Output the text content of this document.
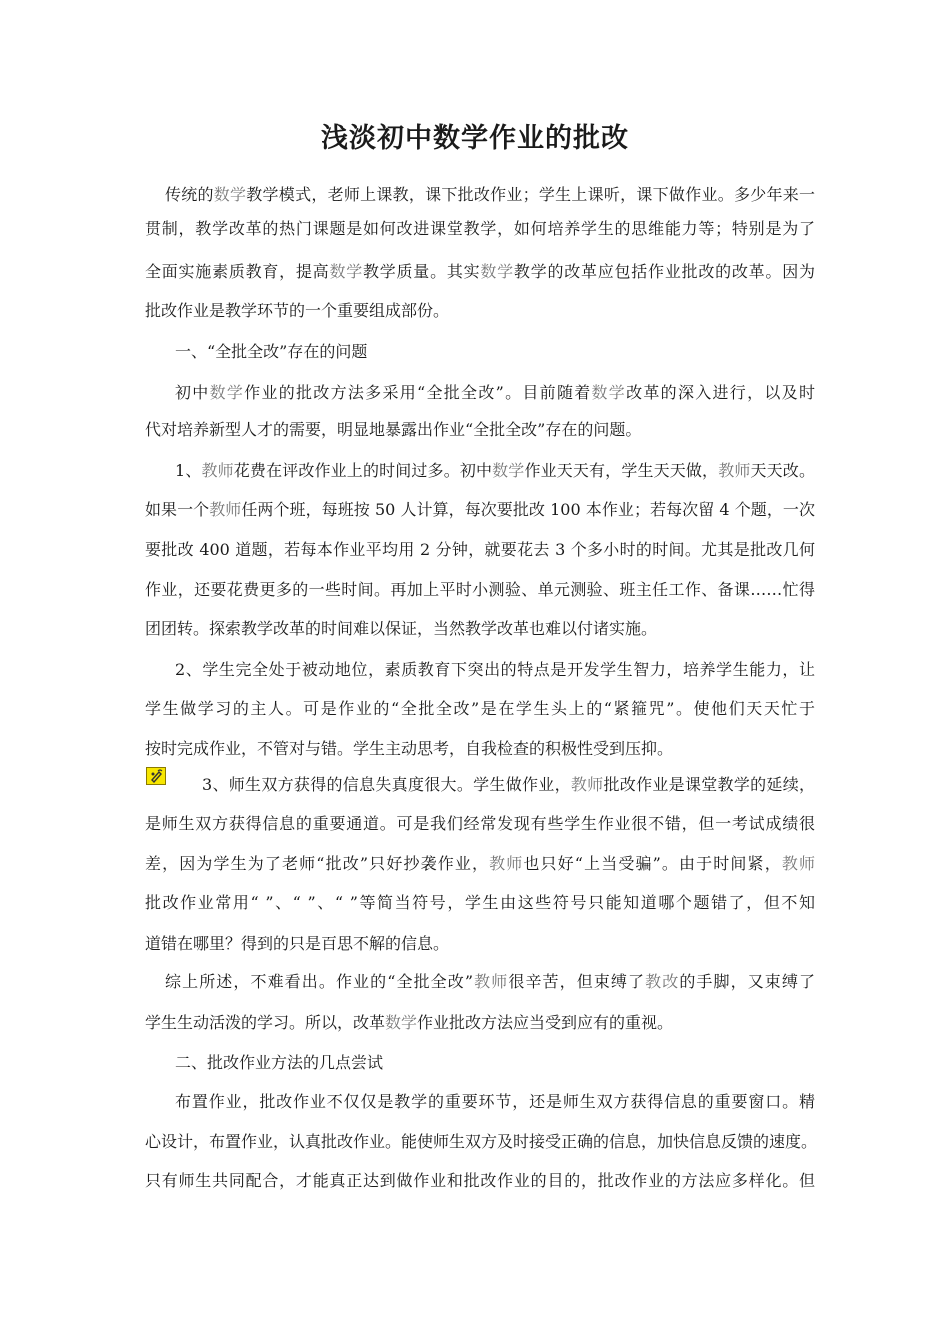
浅淡初中数学作业的批改
传统的数学教学模式，老师上课教，课下批改作业；学生上课听，课下做作业。多少年来一
贯制，教学改革的热门课题是如何改进课堂教学，如何培养学生的思维能力等；特别是为了
全面实施素质教育，提高数学教学质量。其实数学教学的改革应包括作业批改的改革。因为
批改作业是教学环节的一个重要组成部份。
一、“全批全改”存在的问题
初中数学作业的批改方法多采用“全批全改”。目前随着数学改革的深入进行，以及时
代对培养新型人才的需要，明显地暴露出作业“全批全改”存在的问题。
1、教师花费在评改作业上的时间过多。初中数学作业天天有，学生天天做，教师天天改。
如果一个教师任两个班，每班按 50 人计算，每次要批改 100 本作业；若每次留 4 个题，一次
要批改 400 道题，若每本作业平均用 2 分钟，就要花去 3 个多小时的时间。尤其是批改几何
作业，还要花费更多的一些时间。再加上平时小测验、单元测验、班主任工作、备课……忙得
团团转。探索教学改革的时间难以保证，当然教学改革也难以付诸实施。
2、学生完全处于被动地位，素质教育下突出的特点是开发学生智力，培养学生能力，让
学生做学习的主人。可是作业的“全批全改”是在学生头上的“紧箍咒”。使他们天天忙于
按时完成作业，不管对与错。学生主动思考，自我检查的积极性受到压抑。
3、师生双方获得的信息失真度很大。学生做作业，教师批改作业是课堂教学的延续，
是师生双方获得信息的重要通道。可是我们经常发现有些学生作业很不错，但一考试成绩很
差，因为学生为了老师“批改”只好抄袭作业，教师也只好“上当受骗”。由于时间紧，教师
批改作业常用“ ”、“ ”、“ ”等简当符号，学生由这些符号只能知道哪个题错了，但不知
道错在哪里？得到的只是百思不解的信息。
综上所述，不难看出。作业的“全批全改”教师很辛苦，但束缚了教改的手脚，又束缚了
学生生动活泼的学习。所以，改革数学作业批改方法应当受到应有的重视。
二、批改作业方法的几点尝试
布置作业，批改作业不仅仅是教学的重要环节，还是师生双方获得信息的重要窗口。精
心设计，布置作业，认真批改作业。能使师生双方及时接受正确的信息，加快信息反馈的速度。
只有师生共同配合，才能真正达到做作业和批改作业的目的，批改作业的方法应多样化。但
